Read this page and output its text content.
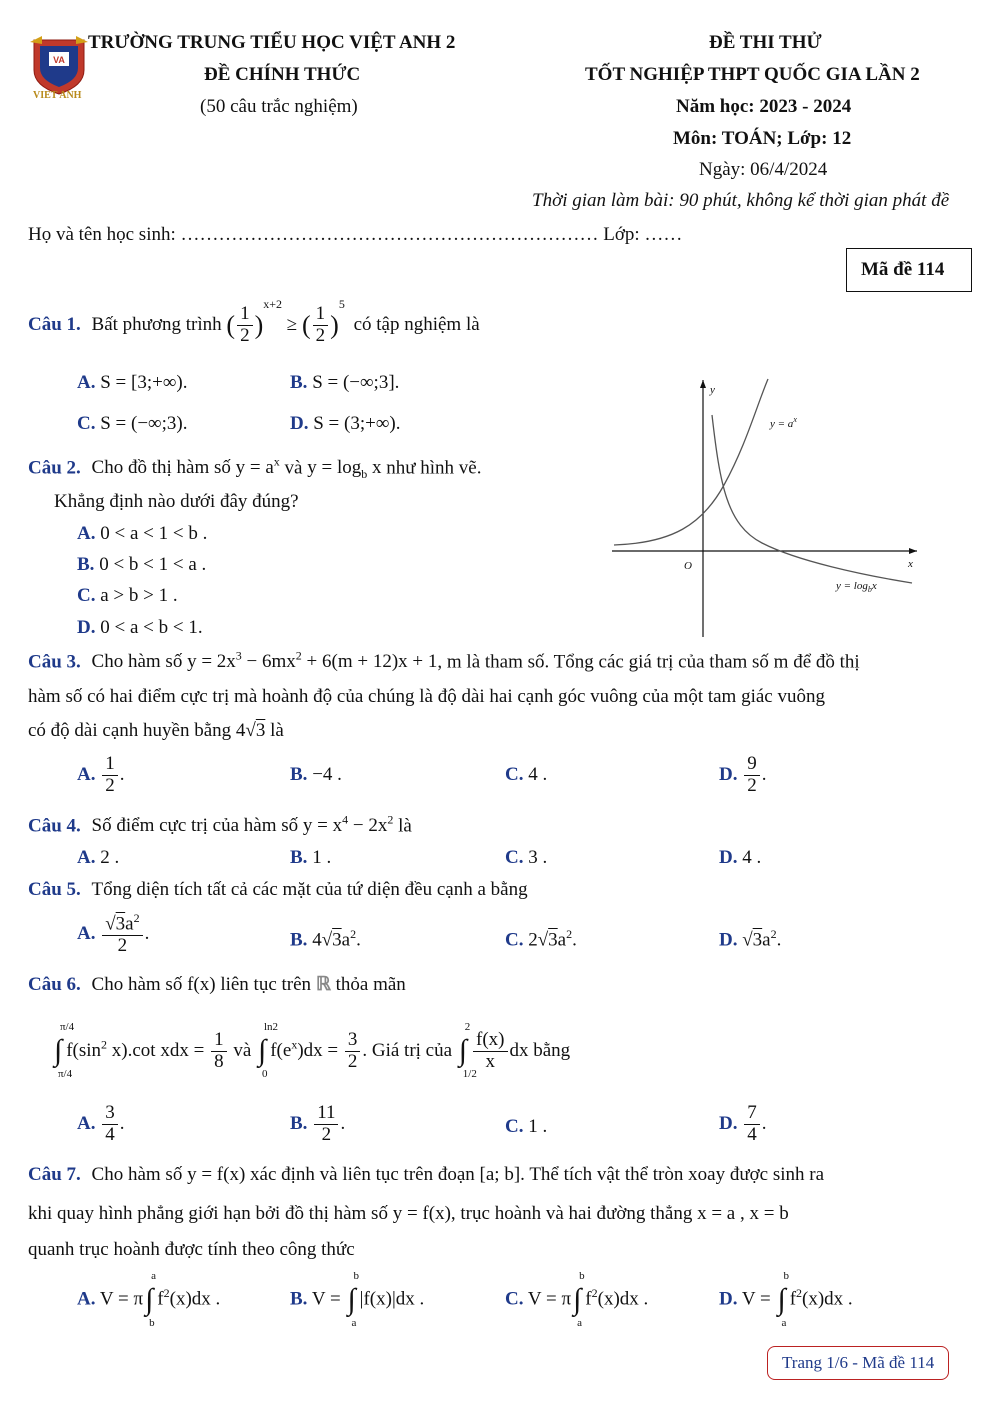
VA
VIET ANH
TRƯỜNG TRUNG TIỂU HỌC VIỆT ANH 2
ĐỀ CHÍNH THỨC
(50 câu trắc nghiệm)
ĐỀ THI THỬ
TỐT NGHIỆP THPT QUỐC GIA LẦN 2
Năm học: 2023 - 2024
Môn: TOÁN; Lớp: 12
Ngày: 06/4/2024
Thời gian làm bài: 90 phút, không kể thời gian phát đề
Họ và tên học sinh: ………………………………………………………… Lớp: ……
Mã đề 114
Câu 1. Bất phương trình ( $\frac{1}{2} )^{x+2}$ ≥ ( $\frac{1}{2} )^5$ có tập nghiệm là
A. S = [3;+∞).	B. S = (−∞;3].
C. S = (−∞;3).	D. S = (3;+∞).
y
x
O
$y = a^x$
$y = \log_bx$
Câu 2. Cho đồ thị hàm số $y = a^x$ và $y = \log_b x$ như hình vẽ.
Khẳng định nào dưới đây đúng?
A. 0 < a < 1 < b .
B. 0 < b < 1 < a .
C. a > b > 1 .
D. 0 < a < b < 1.
Câu 3. Cho hàm số $y = 2x^3 - 6mx^2 + 6(m + 12)x + 1$, m là tham số. Tổng các giá trị của tham số m để đồ thị
hàm số có hai điểm cực trị mà hoành độ của chúng là độ dài hai cạnh góc vuông của một tam giác vuông
có độ dài cạnh huyền bằng 4√3 là
A. $\frac{1}{2}$ .	B. −4 .	C. 4 .	D. $\frac{9}{2}$ .
Câu 4. Số điểm cực trị của hàm số $y = x^4 - 2x^2$ là
A. 2 .	B. 1 .	C. 3 .	D. 4 .
Câu 5. Tổng diện tích tất cả các mặt của tứ diện đều cạnh a bằng
A. $\frac{√3a^2}{2}$ .	B. $4√3a^2$.	C. $2√3a^2$.	D. $√3a^2$.
Câu 6. Cho hàm số f(x) liên tục trên ℝ thỏa mãn
∫
π/4
π/4
$f(\sin^2$ x).cot xdx = $\frac{1}{8}$ và ∫
ln2
0
$f(e^x)dx = \frac{3}{2}$ . Giá trị của ∫
2
1/2
$\frac{f(x)}{x}$ dx bằng
A. $\frac{3}{4}$ .	B. $\frac{11}{2}$ .	C. 1 .	D. $\frac{7}{4}$ .
Câu 7. Cho hàm số y = f(x) xác định và liên tục trên đoạn [a; b]. Thể tích vật thể tròn xoay được sinh ra
khi quay hình phẳng giới hạn bởi đồ thị hàm số y = f(x), trục hoành và hai đường thẳng x = a , x = b
quanh trục hoành được tính theo công thức
A. V = π∫
a
b
$f^2(x)dx$ .	B. V = ∫
b
a
|f(x)|dx .	C. V = π∫
b
a
$f^2(x)dx$ .	D. V = ∫
b
a
$f^2(x)dx$ .
Trang 1/6 - Mã đề 114
